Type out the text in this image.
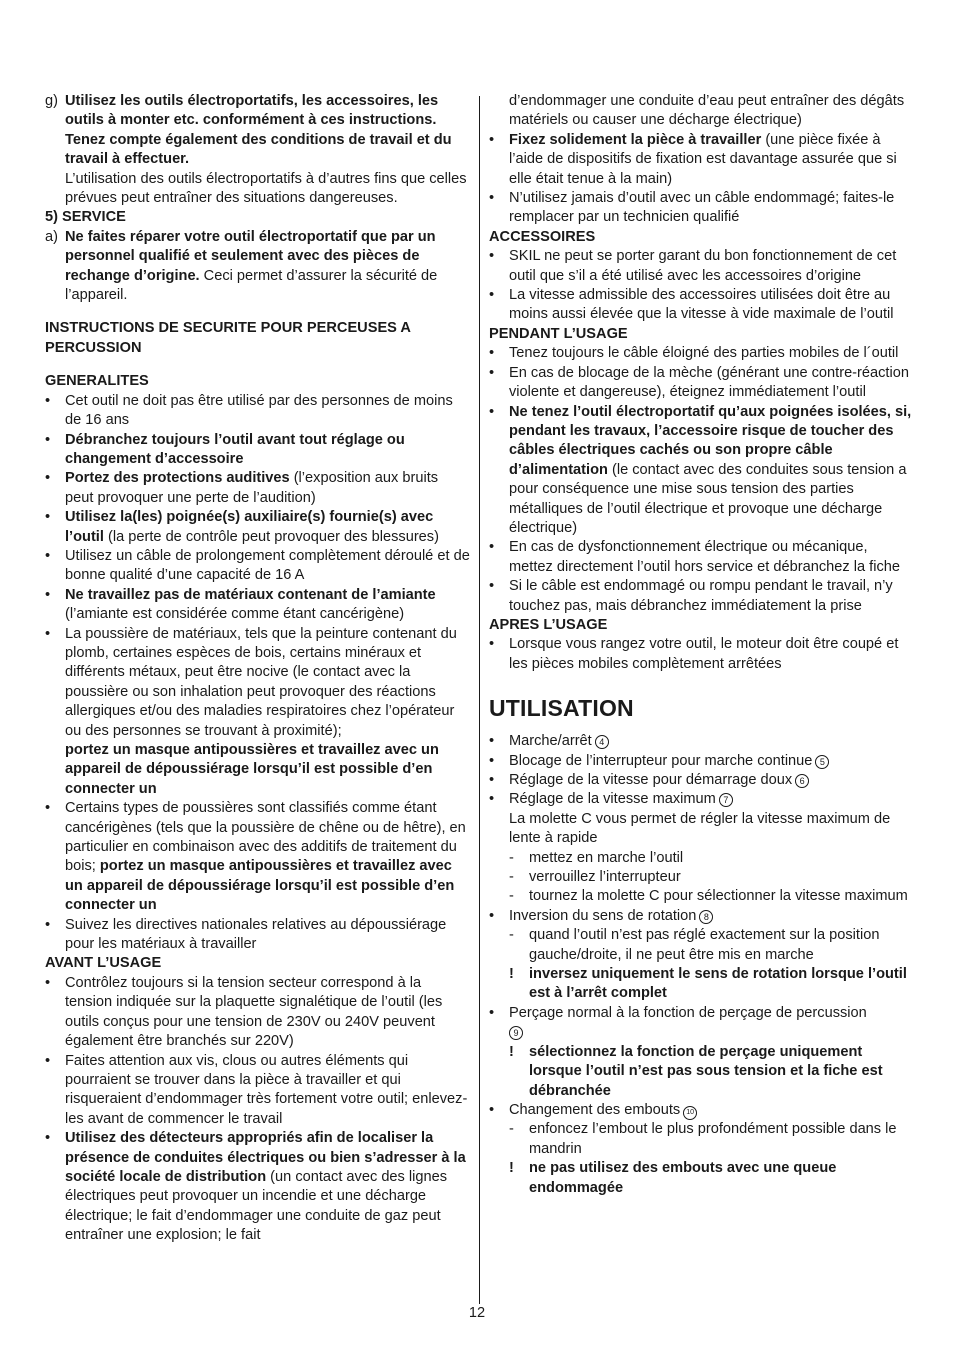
g) Utilisez les outils électroportatifs, les accessoires, les outils à monter etc. conformément à ces instructions. Tenez compte également des conditions de travail et du travail à effectuer.
L’utilisation des outils électroportatifs à d’autres fins que celles prévues peut entraîner des situations dangereuses.

5) SERVICE

a) Ne faites réparer votre outil électroportatif que par un personnel qualifié et seulement avec des pièces de rechange d’origine. Ceci permet d’assurer la sécurité de l’appareil.

INSTRUCTIONS DE SECURITE POUR PERCEUSES A PERCUSSION

GENERALITES

•	Cet outil ne doit pas être utilisé par des personnes de moins de 16 ans
•	Débranchez toujours l’outil avant tout réglage ou changement d’accessoire
•	Portez des protections auditives (l’exposition aux bruits peut provoquer une perte de l’audition)
•	Utilisez la(les) poignée(s) auxiliaire(s) fournie(s) avec l’outil (la perte de contrôle peut provoquer des blessures)
•	Utilisez un câble de prolongement complètement déroulé et de bonne qualité d’une capacité de 16 A
•	Ne travaillez pas de matériaux contenant de l’amiante (l’amiante est considérée comme étant cancérigène)
•	La poussière de matériaux, tels que la peinture contenant du plomb, certaines espèces de bois, certains minéraux et différents métaux, peut être nocive (le contact avec la poussière ou son inhalation peut provoquer des réactions allergiques et/ou des maladies respiratoires chez l’opérateur ou des personnes se trouvant à proximité);
portez un masque antipoussières et travaillez avec un appareil de dépoussiérage lorsqu’il est possible d’en connecter un
•	Certains types de poussières sont classifiés comme étant cancérigènes (tels que la poussière de chêne ou de hêtre), en particulier en combinaison avec des additifs de traitement du bois; portez un masque antipoussières et travaillez avec un appareil de dépoussiérage lorsqu’il est possible d’en connecter un
•	Suivez les directives nationales relatives au dépoussiérage pour les matériaux à travailler

AVANT L’USAGE

•	Contrôlez toujours si la tension secteur correspond à la tension indiquée sur la plaquette signalétique de l’outil (les outils conçus pour une tension de 230V ou 240V peuvent également être branchés sur 220V)
•	Faites attention aux vis, clous ou autres éléments qui pourraient se trouver dans la pièce à travailler et qui risqueraient d’endommager très fortement votre outil; enlevez-les avant de commencer le travail
•	Utilisez des détecteurs appropriés afin de localiser la présence de conduites électriques ou bien s’adresser à la société locale de distribution (un contact avec des lignes électriques peut provoquer un incendie et une décharge électrique; le fait d’endommager une conduite de gaz peut entraîner une explosion; le fait

d’endommager une conduite d’eau peut entraîner des dégâts matériels ou causer une décharge électrique)

•	Fixez solidement la pièce à travailler (une pièce fixée à l’aide de dispositifs de fixation est davantage assurée que si elle était tenue à la main)
•	N’utilisez jamais d’outil avec un câble endommagé; faites-le remplacer par un technicien qualifié

ACCESSOIRES

•	SKIL ne peut se porter garant du bon fonctionnement de cet outil que s’il a été utilisé avec les accessoires d’origine
•	La vitesse admissible des accessoires utilisées doit être au moins aussi élevée que la vitesse à vide maximale de l’outil

PENDANT L’USAGE

•	Tenez toujours le câble éloigné des parties mobiles de l´outil
•	En cas de blocage de la mèche (générant une contre-réaction violente et dangereuse), éteignez immédiatement l’outil
•	Ne tenez l’outil électroportatif qu’aux poignées isolées, si, pendant les travaux, l’accessoire risque de toucher des câbles électriques cachés ou son propre câble d’alimentation (le contact avec des conduites sous tension a pour conséquence une mise sous tension des parties métalliques de l’outil électrique et provoque une décharge électrique)
•	En cas de dysfonctionnement électrique ou mécanique, mettez directement l’outil hors service et débranchez la fiche
•	Si le câble est endommagé ou rompu pendant le travail, n’y touchez pas, mais débranchez immédiatement la prise

APRES L’USAGE

•	Lorsque vous rangez votre outil, le moteur doit être coupé et les pièces mobiles complètement arrêtées
UTILISATION
•	Marche/arrêt 4
•	Blocage de l’interrupteur pour marche continue 5
•	Réglage de la vitesse pour démarrage doux 6
•	Réglage de la vitesse maximum 7
La molette C vous permet de régler la vitesse maximum de lente à rapide
-	mettez en marche l’outil
-	verrouillez l’interrupteur
-	tournez la molette C pour sélectionner la vitesse maximum
•	Inversion du sens de rotation 8
-	quand l’outil n’est pas réglé exactement sur la position gauche/droite, il ne peut être mis en marche
!	inversez uniquement le sens de rotation lorsque l’outil est à l’arrêt complet
•	Perçage normal à la fonction de perçage de percussion
9
!	sélectionnez la fonction de perçage uniquement lorsque l’outil n’est pas sous tension et la fiche est débranchée
•	Changement des embouts 10
-	enfoncez l’embout le plus profondément possible dans le mandrin
!	ne pas utilisez des embouts avec une queue endommagée
12
